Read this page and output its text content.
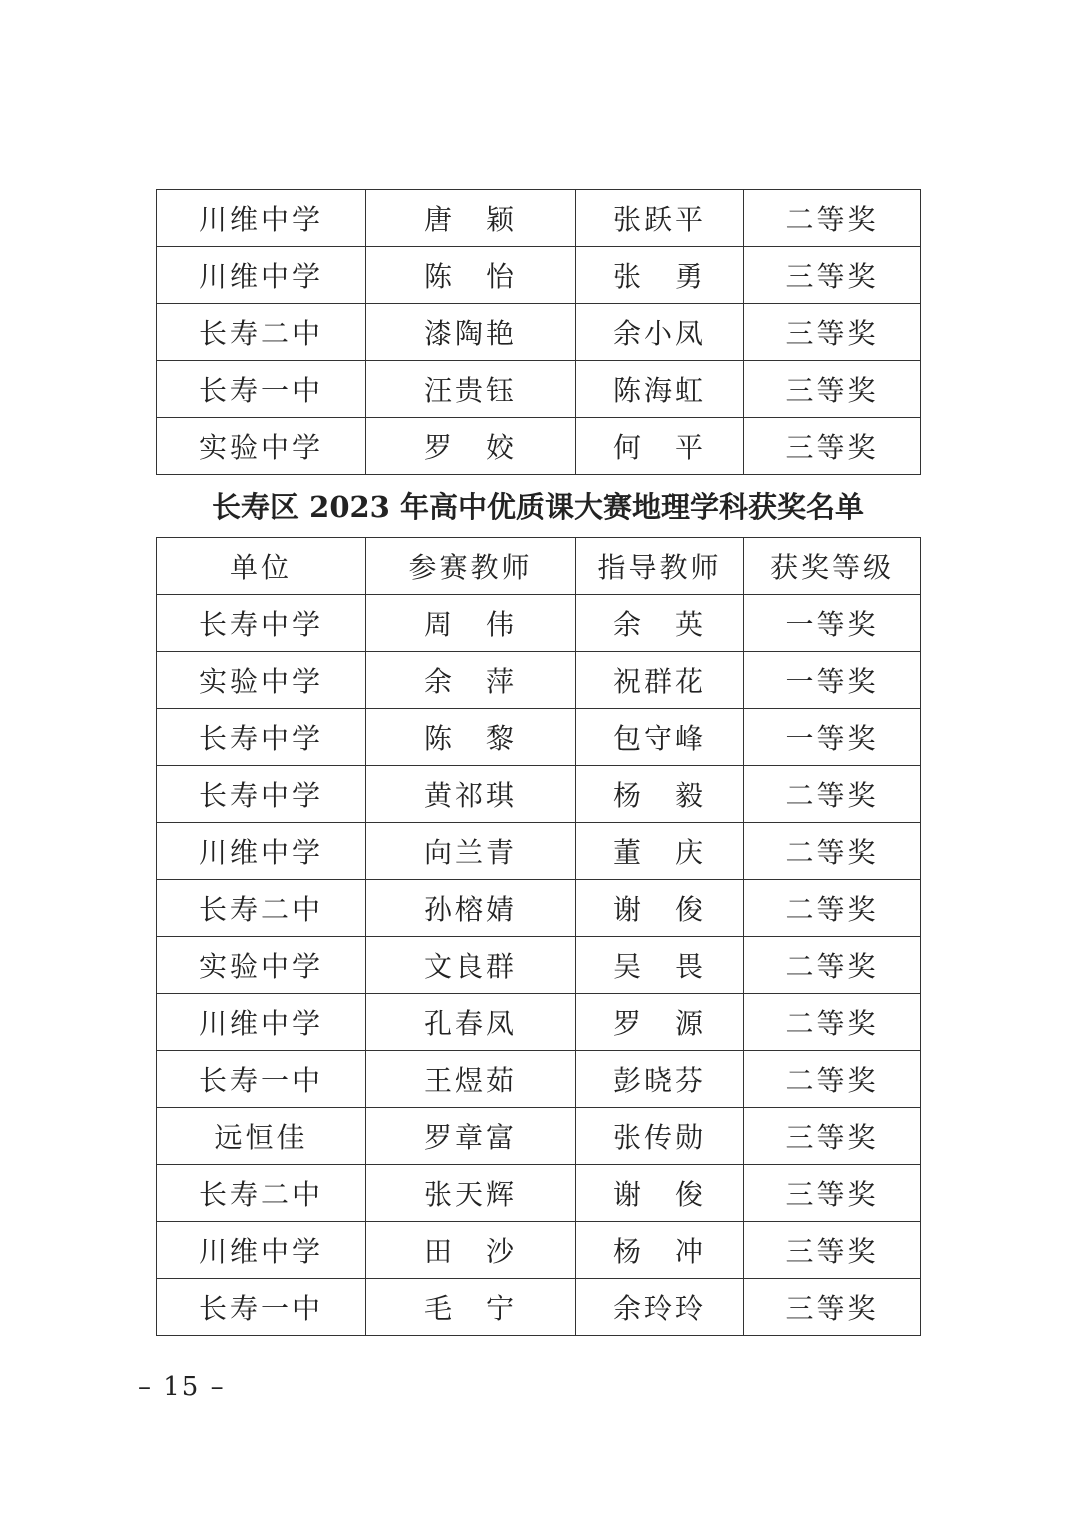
川维中学	唐　颖	张跃平	二等奖
川维中学	陈　怡	张　勇	三等奖
长寿二中	漆陶艳	余小凤	三等奖
长寿一中	汪贵钰	陈海虹	三等奖
实验中学	罗　姣	何　平	三等奖
长寿区 2023 年高中优质课大赛地理学科获奖名单
单位	参赛教师	指导教师	获奖等级
长寿中学	周　伟	余　英	一等奖
实验中学	余　萍	祝群花	一等奖
长寿中学	陈　黎	包守峰	一等奖
长寿中学	黄祁琪	杨　毅	二等奖
川维中学	向兰青	董　庆	二等奖
长寿二中	孙榕婧	谢　俊	二等奖
实验中学	文良群	吴　畏	二等奖
川维中学	孔春凤	罗　源	二等奖
长寿一中	王煜茹	彭晓芬	二等奖
远恒佳	罗章富	张传勋	三等奖
长寿二中	张天辉	谢　俊	三等奖
川维中学	田　沙	杨　冲	三等奖
长寿一中	毛　宁	余玲玲	三等奖
– 15 –
